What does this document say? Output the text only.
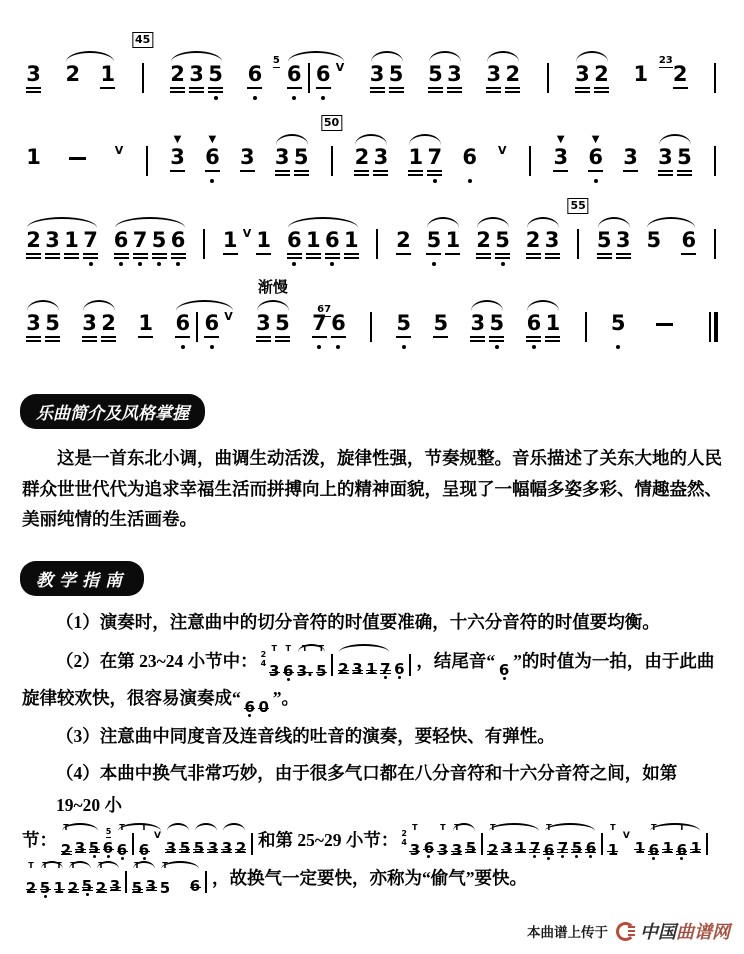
3 2 1
45
2 3 5 6
5
6 6 V 3 5 5 3 3 2	3 2 1
23
2
1	V
▼
3
▼
6 3 3 5
50
2 3 1 7 6 V
▼
3
▼
6 3 3 5
2 3 1 7 6 7 5 6 1 V 1 6 1 6 1 2 5 1 2 5 2 3
55
5 3 5 6
3 5 3 2 1 6 6 V
渐慢
3 5 7
67
6 5 5 3 5 6 1 5
乐曲简介及风格掌握

这是一首东北小调，曲调生动活泼，旋律性强，节奏规整。音乐描述了关东大地的人民群众世世代代为追求幸福生活而拼搏向上的精神面貌，呈现了一幅幅多姿多彩、情趣盎然、美丽纯情的生活画卷。

教学指南
（1）演奏时，注意曲中的切分音符的时值要准确，十六分音符的时值要均衡。
（2）在第 23~24 小节中： 2
4
T
3
T
6
T
3.
T
5 2 3 1 7 6 ，结尾音“ 6 ”的时值为一拍，由于此曲
旋律较欢快，很容易演奏成“ 6 0 ”。
（3）注意曲中同度音及连音线的吐音的演奏，要轻快、有弹性。
（4）本曲中换气非常巧妙，由于很多气口都在八分音符和十六分音符之间，如第 19~20 小
节：
T
2 3 5 6
T
5
6
T
6
V
3 5 5 3 3 2 和第 25~29 小节： 2
4
T
3 6
T
3
T
3 5
T
2 3 1 7
T
6 7 5 6
T
1
V
1
T
6 1
T
6 1
T
2
T
5
T
1
T
2 5
T
2 3
T
5 3
T
5 6 ，故换气一定要快，亦称为“偷气”要快。
本曲谱上传于 中国 曲谱网
